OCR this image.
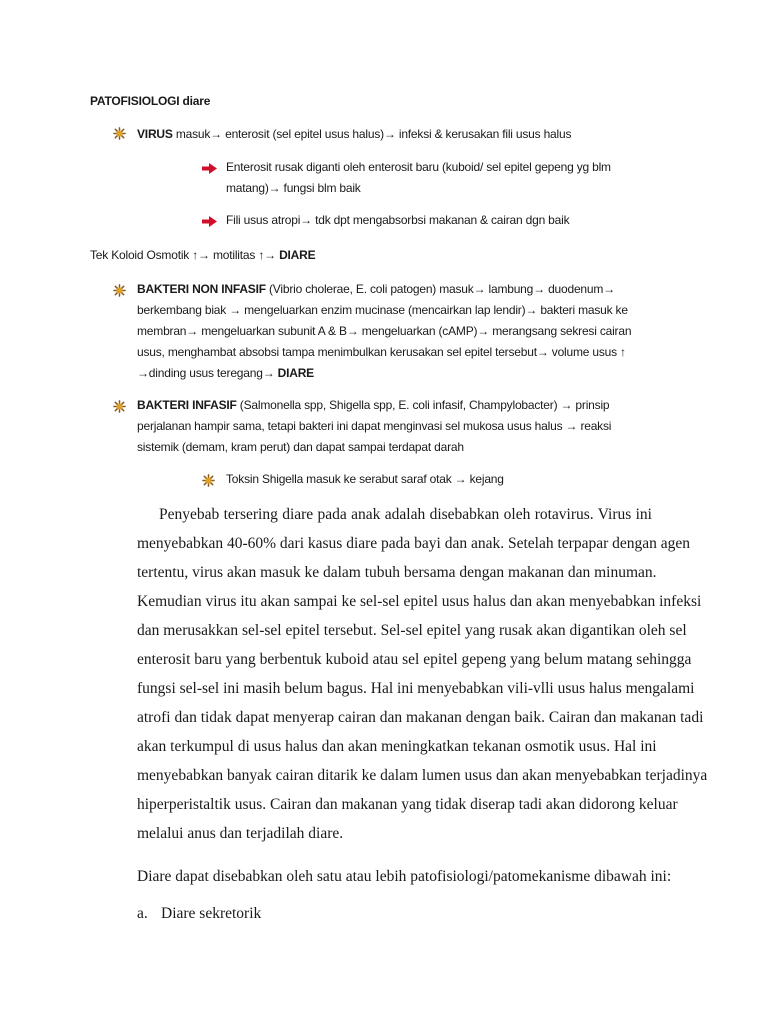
PATOFISIOLOGI diare
VIRUS masuk→ enterosit (sel epitel usus halus)→ infeksi & kerusakan fili usus halus
Enterosit rusak diganti oleh enterosit baru (kuboid/ sel epitel gepeng yg blm
matang)→ fungsi blm baik
Fili usus atropi→ tdk dpt mengabsorbsi makanan & cairan dgn baik
Tek Koloid Osmotik ↑→ motilitas ↑→ DIARE
BAKTERI NON INFASIF (Vibrio cholerae, E. coli patogen) masuk→ lambung→ duodenum→
berkembang biak → mengeluarkan enzim mucinase (mencairkan lap lendir)→ bakteri masuk ke
membran→ mengeluarkan subunit A & B→ mengeluarkan (cAMP)→ merangsang sekresi cairan
usus, menghambat absobsi tampa menimbulkan kerusakan sel epitel tersebut→ volume usus ↑
→dinding usus teregang→ DIARE
BAKTERI INFASIF (Salmonella spp, Shigella spp, E. coli infasif, Champylobacter) → prinsip
perjalanan hampir sama, tetapi bakteri ini dapat menginvasi sel mukosa usus halus → reaksi
sistemik (demam, kram perut) dan dapat sampai terdapat darah
Toksin Shigella masuk ke serabut saraf otak → kejang
Penyebab tersering diare pada anak adalah disebabkan oleh rotavirus. Virus ini
menyebabkan 40-60% dari kasus diare pada bayi dan anak. Setelah terpapar dengan agen
tertentu, virus akan masuk ke dalam tubuh bersama dengan makanan dan minuman.
Kemudian virus itu akan sampai ke sel-sel epitel usus halus dan akan menyebabkan infeksi
dan merusakkan sel-sel epitel tersebut. Sel-sel epitel yang rusak akan digantikan oleh sel
enterosit baru yang berbentuk kuboid atau sel epitel gepeng yang belum matang sehingga
fungsi sel-sel ini masih belum bagus. Hal ini menyebabkan vili-vlli usus halus mengalami
atrofi dan tidak dapat menyerap cairan dan makanan dengan baik. Cairan dan makanan tadi
akan terkumpul di usus halus dan akan meningkatkan tekanan osmotik usus. Hal ini
menyebabkan banyak cairan ditarik ke dalam lumen usus dan akan menyebabkan terjadinya
hiperperistaltik usus. Cairan dan makanan yang tidak diserap tadi akan didorong keluar
melalui anus dan terjadilah diare.
Diare dapat disebabkan oleh satu atau lebih patofisiologi/patomekanisme dibawah ini:
a. Diare sekretorik
